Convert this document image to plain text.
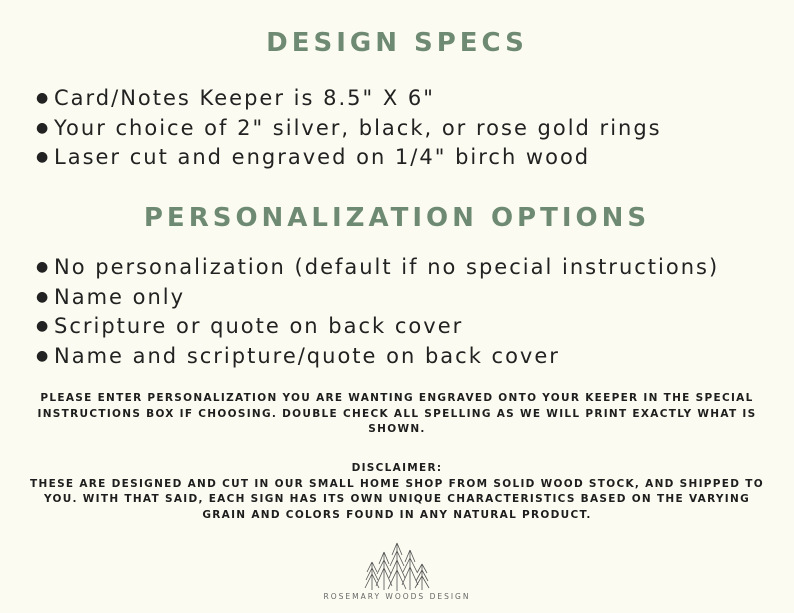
DESIGN SPECS
● Card/Notes Keeper is 8.5" X 6"
● Your choice of 2" silver, black, or rose gold rings
● Laser cut and engraved on 1/4" birch wood
PERSONALIZATION OPTIONS
● No personalization (default if no special instructions)
● Name only
● Scripture or quote on back cover
● Name and scripture/quote on back cover
PLEASE ENTER PERSONALIZATION YOU ARE WANTING ENGRAVED ONTO YOUR KEEPER IN THE SPECIAL INSTRUCTIONS BOX IF CHOOSING. DOUBLE CHECK ALL SPELLING AS WE WILL PRINT EXACTLY WHAT IS SHOWN.
DISCLAIMER:
THESE ARE DESIGNED AND CUT IN OUR SMALL HOME SHOP FROM SOLID WOOD STOCK, AND SHIPPED TO YOU. WITH THAT SAID, EACH SIGN HAS ITS OWN UNIQUE CHARACTERISTICS BASED ON THE VARYING GRAIN AND COLORS FOUND IN ANY NATURAL PRODUCT.
ROSEMARY WOODS DESIGN
